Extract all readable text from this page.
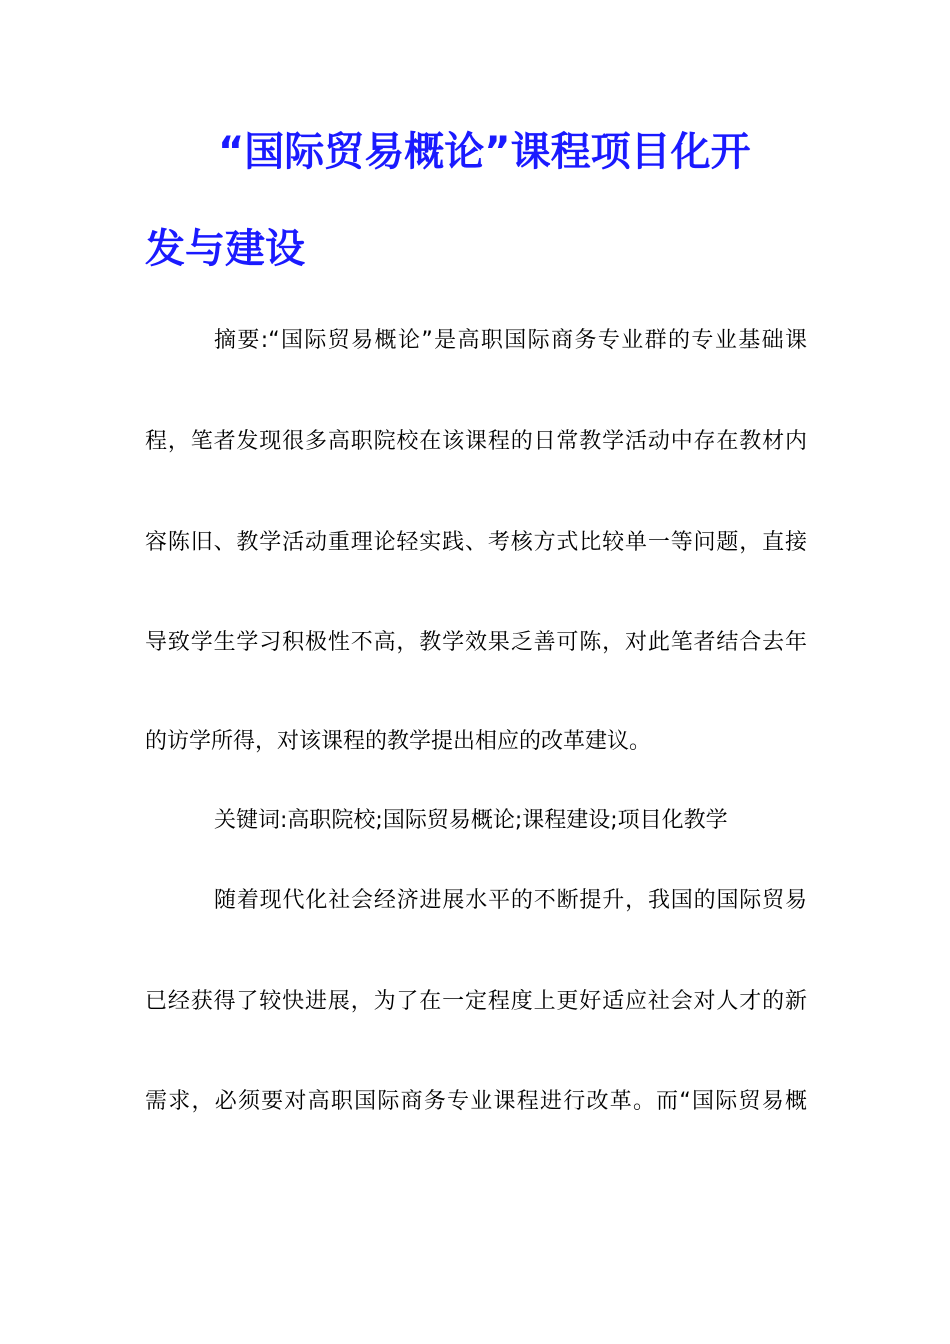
“国际贸易概论”课程项目化开
发与建设
摘要:“国际贸易概论”是高职国际商务专业群的专业基础课
程，笔者发现很多高职院校在该课程的日常教学活动中存在教材内
容陈旧、教学活动重理论轻实践、考核方式比较单一等问题，直接
导致学生学习积极性不高，教学效果乏善可陈，对此笔者结合去年
的访学所得，对该课程的教学提出相应的改革建议。
关键词:高职院校;国际贸易概论;课程建设;项目化教学
随着现代化社会经济进展水平的不断提升，我国的国际贸易
已经获得了较快进展，为了在一定程度上更好适应社会对人才的新
需求，必须要对高职国际商务专业课程进行改革。而“国际贸易概
